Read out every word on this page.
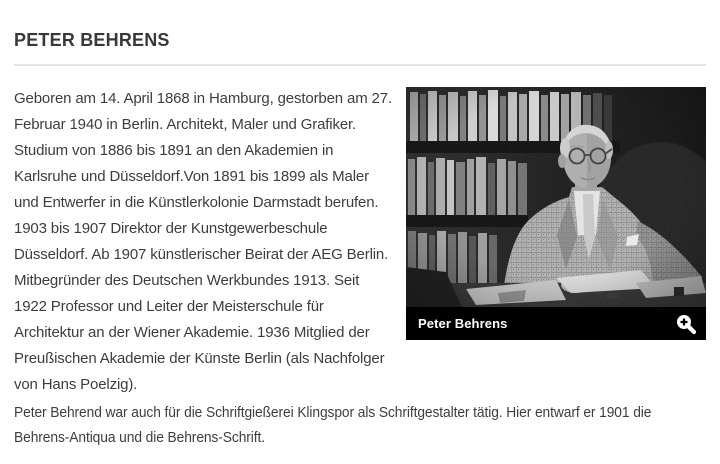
PETER BEHRENS
Peter Behrens

Geboren am 14. April 1868 in Hamburg, gestorben am 27. Februar 1940 in Berlin. Architekt, Maler und Grafiker. Studium von 1886 bis 1891 an den Akademien in Karlsruhe und Düsseldorf.Von 1891 bis 1899 als Maler und Entwerfer in die Künstlerkolonie Darmstadt berufen. 1903 bis 1907 Direktor der Kunstgewerbeschule Düsseldorf. Ab 1907 künstlerischer Beirat der AEG Berlin. Mitbegründer des Deutschen Werkbundes 1913. Seit 1922 Professor und Leiter der Meisterschule für Architektur an der Wiener Akademie. 1936 Mitglied der Preußischen Akademie der Künste Berlin (als Nachfolger von Hans Poelzig).

Peter Behrend war auch für die Schriftgießerei Klingspor als Schriftgestalter tätig. Hier entwarf er 1901 die Behrens-Antiqua und die Behrens-Schrift.
